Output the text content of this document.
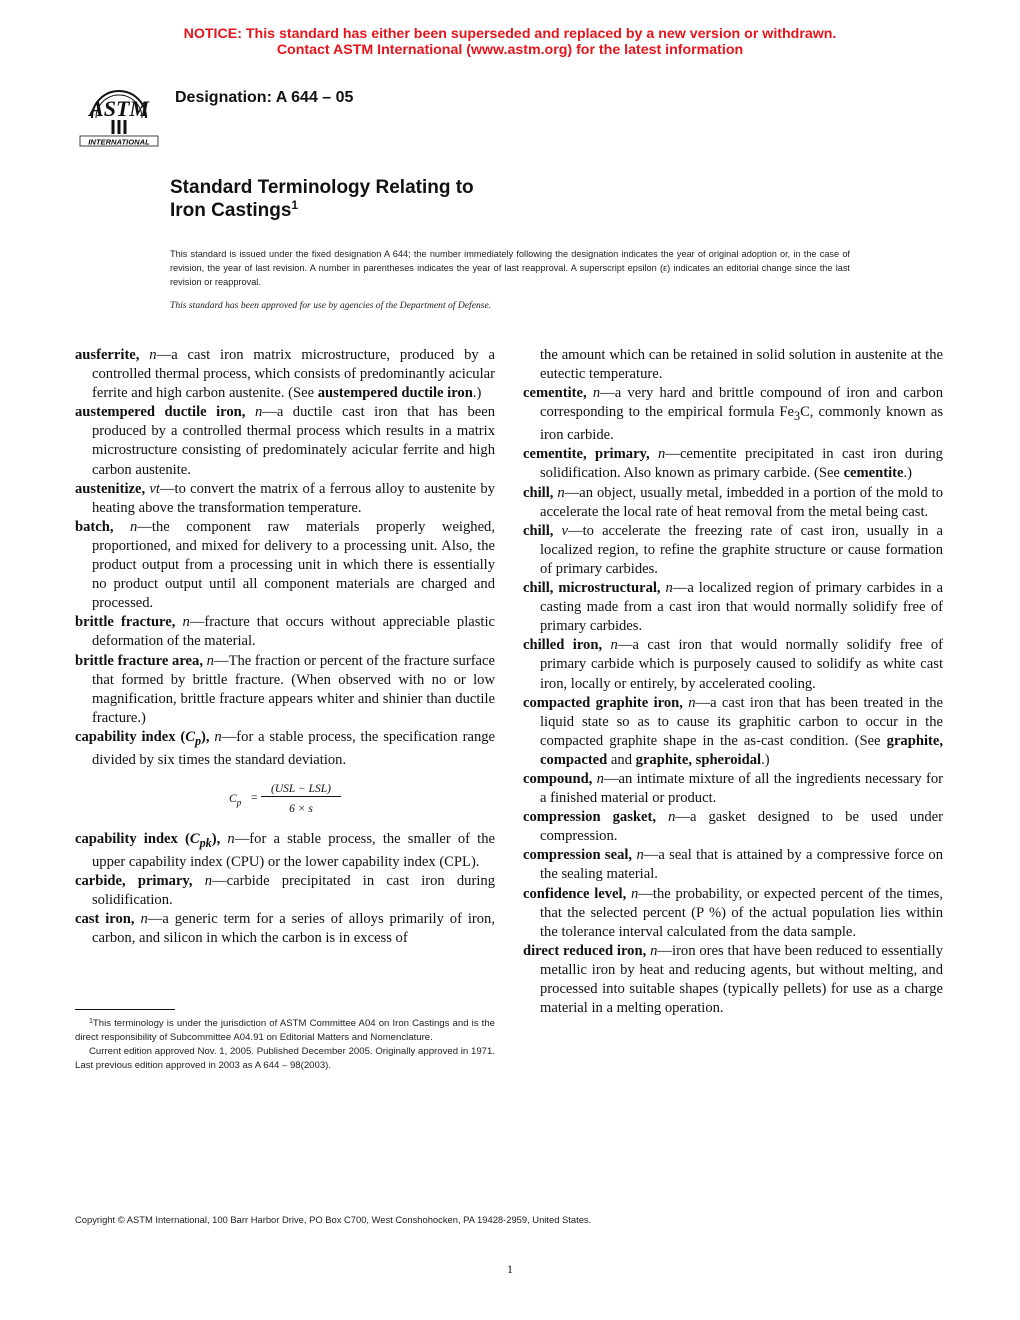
NOTICE: This standard has either been superseded and replaced by a new version or withdrawn.
Contact ASTM International (www.astm.org) for the latest information
ASTM
INTERNATIONAL
Designation: A 644 – 05
Standard Terminology Relating to
Iron Castings$^1$
This standard is issued under the fixed designation A 644; the number immediately following the designation indicates the year of original adoption or, in the case of revision, the year of last revision. A number in parentheses indicates the year of last reapproval. A superscript epsilon (ε) indicates an editorial change since the last revision or reapproval.
This standard has been approved for use by agencies of the Department of Defense.

ausferrite, n—a cast iron matrix microstructure, produced by a controlled thermal process, which consists of predominantly acicular ferrite and high carbon austenite. (See austempered ductile iron.)

austempered ductile iron, n—a ductile cast iron that has been produced by a controlled thermal process which results in a matrix microstructure consisting of predominately acicular ferrite and high carbon austenite.

austenitize, vt—to convert the matrix of a ferrous alloy to austenite by heating above the transformation temperature.

batch, n—the component raw materials properly weighed, proportioned, and mixed for delivery to a processing unit. Also, the product output from a processing unit in which there is essentially no product output until all component materials are charged and processed.

brittle fracture, n—fracture that occurs without appreciable plastic deformation of the material.

brittle fracture area, n—The fraction or percent of the fracture surface that formed by brittle fracture. (When observed with no or low magnification, brittle fracture appears whiter and shinier than ductile fracture.)

capability index $(C_p)$, n—for a stable process, the specification range divided by six times the standard deviation.

$C_p$ =
(USL − LSL)
6 × s

capability index $(C_{pk})$, n—for a stable process, the smaller of the upper capability index (CPU) or the lower capability index (CPL).

carbide, primary, n—carbide precipitated in cast iron during solidification.

cast iron, n—a generic term for a series of alloys primarily of iron, carbon, and silicon in which the carbon is in excess of

the amount which can be retained in solid solution in austenite at the eutectic temperature.

cementite, n—a very hard and brittle compound of iron and carbon corresponding to the empirical formula $Fe_3C$, commonly known as iron carbide.

cementite, primary, n—cementite precipitated in cast iron during solidification. Also known as primary carbide. (See cementite.)

chill, n—an object, usually metal, imbedded in a portion of the mold to accelerate the local rate of heat removal from the metal being cast.

chill, v—to accelerate the freezing rate of cast iron, usually in a localized region, to refine the graphite structure or cause formation of primary carbides.

chill, microstructural, n—a localized region of primary carbides in a casting made from a cast iron that would normally solidify free of primary carbides.

chilled iron, n—a cast iron that would normally solidify free of primary carbide which is purposely caused to solidify as white cast iron, locally or entirely, by accelerated cooling.

compacted graphite iron, n—a cast iron that has been treated in the liquid state so as to cause its graphitic carbon to occur in the compacted graphite shape in the as-cast condition. (See graphite, compacted and graphite, spheroidal.)

compound, n—an intimate mixture of all the ingredients necessary for a finished material or product.

compression gasket, n—a gasket designed to be used under compression.

compression seal, n—a seal that is attained by a compressive force on the sealing material.

confidence level, n—the probability, or expected percent of the times, that the selected percent (P %) of the actual population lies within the tolerance interval calculated from the data sample.

direct reduced iron, n—iron ores that have been reduced to essentially metallic iron by heat and reducing agents, but without melting, and processed into suitable shapes (typically pellets) for use as a charge material in a melting operation.

$^1$This terminology is under the jurisdiction of ASTM Committee A04 on Iron Castings and is the direct responsibility of Subcommittee A04.91 on Editorial Matters and Nomenclature.

Current edition approved Nov. 1, 2005. Published December 2005. Originally approved in 1971. Last previous edition approved in 2003 as A 644 – 98(2003).

Copyright © ASTM International, 100 Barr Harbor Drive, PO Box C700, West Conshohocken, PA 19428-2959, United States.
1
